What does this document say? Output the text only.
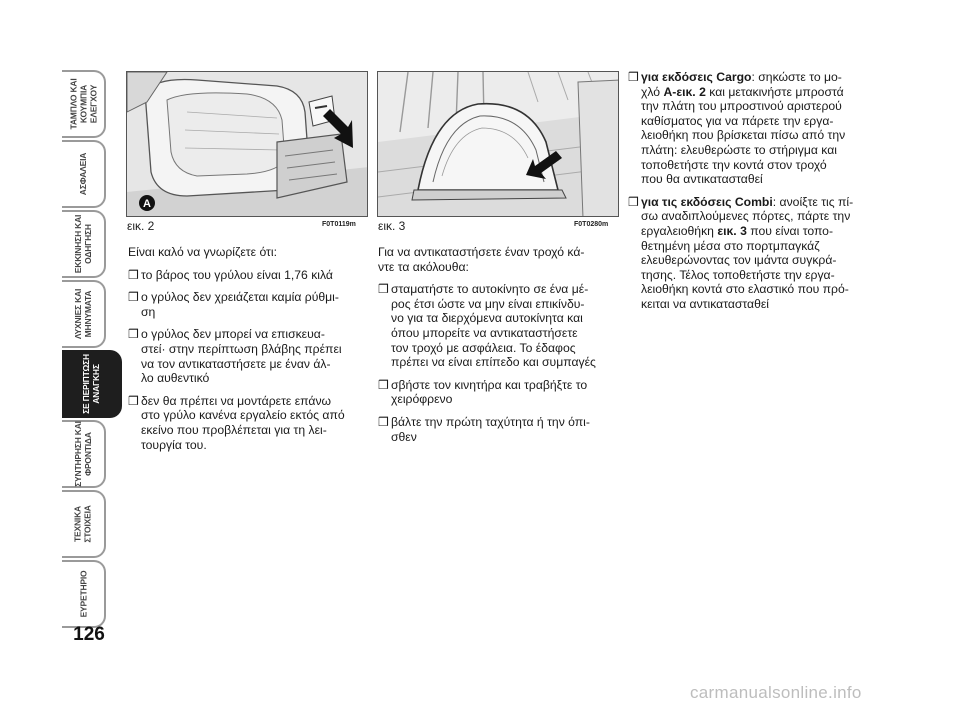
ΤΑΜΠΛΟ ΚΑΙ
ΚΟΥΜΠΙΑ
ΕΛΕΓΧΟΥ
ΑΣΦΑΛΕΙΑ
ΕΚΚΙΝΗΣΗ ΚΑΙ
ΟΔΗΓΗΣΗ
ΛΥΧΝΙΕΣ ΚΑΙ
ΜΗΝΥΜΑΤΑ
ΣΕ ΠΕΡΙΠΤΩΣΗ
ΑΝΑΓΚΗΣ
ΣΥΝΤΗΡΗΣΗ ΚΑΙ
ΦΡΟΝΤΙΔΑ
ΤΕΧΝΙΚΑ
ΣΤΟΙΧΕΙΑ
ΕΥΡΕΤΗΡΙΟ
126
A
εικ. 2	F0T0119m εικ. 3	F0T0280m

Είναι καλό να γνωρίζετε ότι:

❒ το βάρος του γρύλου είναι 1,76 κιλά
❒ ο γρύλος δεν χρειάζεται καμία ρύθμι-
ση
❒ ο γρύλος δεν μπορεί να επισκευα-
στεί· στην περίπτωση βλάβης πρέπει
να τον αντικαταστήσετε με έναν άλ-
λο αυθεντικό
❒ δεν θα πρέπει να μοντάρετε επάνω
στο γρύλο κανένα εργαλείο εκτός από
εκείνο που προβλέπεται για τη λει-
τουργία του.

Για να αντικαταστήσετε έναν τροχό κά-
ντε τα ακόλουθα:

❒ σταματήστε το αυτοκίνητο σε ένα μέ-
ρος έτσι ώστε να μην είναι επικίνδυ-
νο για τα διερχόμενα αυτοκίνητα και
όπου μπορείτε να αντικαταστήσετε
τον τροχό με ασφάλεια. Το έδαφος
πρέπει να είναι επίπεδο και συμπαγές
❒ σβήστε τον κινητήρα και τραβήξτε το
χειρόφρενο
❒ βάλτε την πρώτη ταχύτητα ή την όπι-
σθεν
❒ για εκδόσεις Cargo: σηκώστε το μο-
χλό A-εικ. 2 και μετακινήστε μπροστά
την πλάτη του μπροστινού αριστερού
καθίσματος για να πάρετε την εργα-
λειοθήκη που βρίσκεται πίσω από την
πλάτη: ελευθερώστε το στήριγμα και
τοποθετήστε την κοντά στον τροχό
που θα αντικατασταθεί
❒ για τις εκδόσεις Combi: ανοίξτε τις πί-
σω αναδιπλούμενες πόρτες, πάρτε την
εργαλειοθήκη εικ. 3 που είναι τοπο-
θετημένη μέσα στο πορτμπαγκάζ
ελευθερώνοντας τον ιμάντα συγκρά-
τησης. Τέλος τοποθετήστε την εργα-
λειοθήκη κοντά στο ελαστικό που πρό-
κειται να αντικατασταθεί
carmanualsonline.info
